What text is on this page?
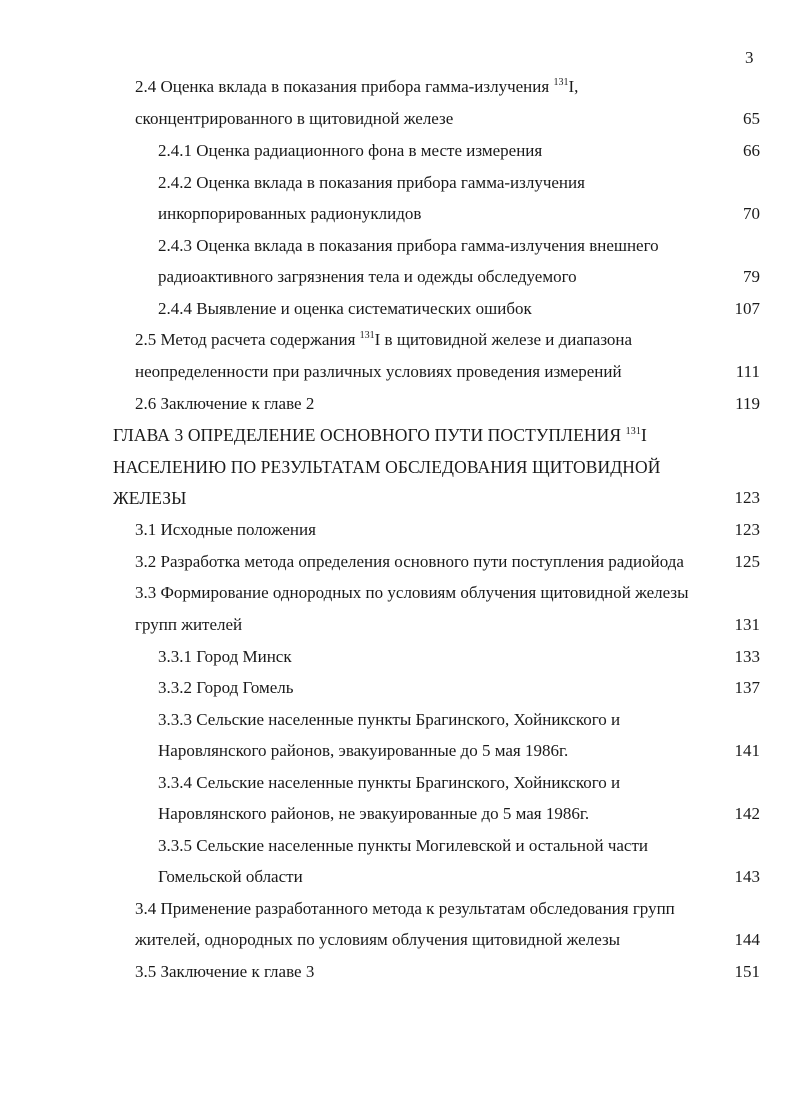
3
2.4 Оценка вклада в показания прибора гамма-излучения $^{131}$I,
сконцентрированного в щитовидной железе	65
2.4.1 Оценка радиационного фона в месте измерения	66
2.4.2 Оценка вклада в показания прибора гамма-излучения
инкорпорированных радионуклидов	70
2.4.3 Оценка вклада в показания прибора гамма-излучения внешнего
радиоактивного загрязнения тела и одежды обследуемого	79
2.4.4 Выявление и оценка систематических ошибок	107
2.5 Метод расчета содержания $^{131}$I в щитовидной железе и диапазона
неопределенности при различных условиях проведения измерений	111
2.6 Заключение к главе 2	119
ГЛАВА 3 ОПРЕДЕЛЕНИЕ ОСНОВНОГО ПУТИ ПОСТУПЛЕНИЯ $^{131}$I
НАСЕЛЕНИЮ ПО РЕЗУЛЬТАТАМ ОБСЛЕДОВАНИЯ ЩИТОВИДНОЙ
ЖЕЛЕЗЫ	123
3.1 Исходные положения	123
3.2 Разработка метода определения основного пути поступления радиойода	125
3.3 Формирование однородных по условиям облучения щитовидной железы
групп жителей	131
3.3.1 Город Минск	133
3.3.2 Город Гомель	137
3.3.3 Сельские населенные пункты Брагинского, Хойникского и
Наровлянского районов, эвакуированные до 5 мая 1986г.	141
3.3.4 Сельские населенные пункты Брагинского, Хойникского и
Наровлянского районов, не эвакуированные до 5 мая 1986г.	142
3.3.5 Сельские населенные пункты Могилевской и остальной части
Гомельской области	143
3.4 Применение разработанного метода к результатам обследования групп
жителей, однородных по условиям облучения щитовидной железы	144
3.5 Заключение к главе 3	151
